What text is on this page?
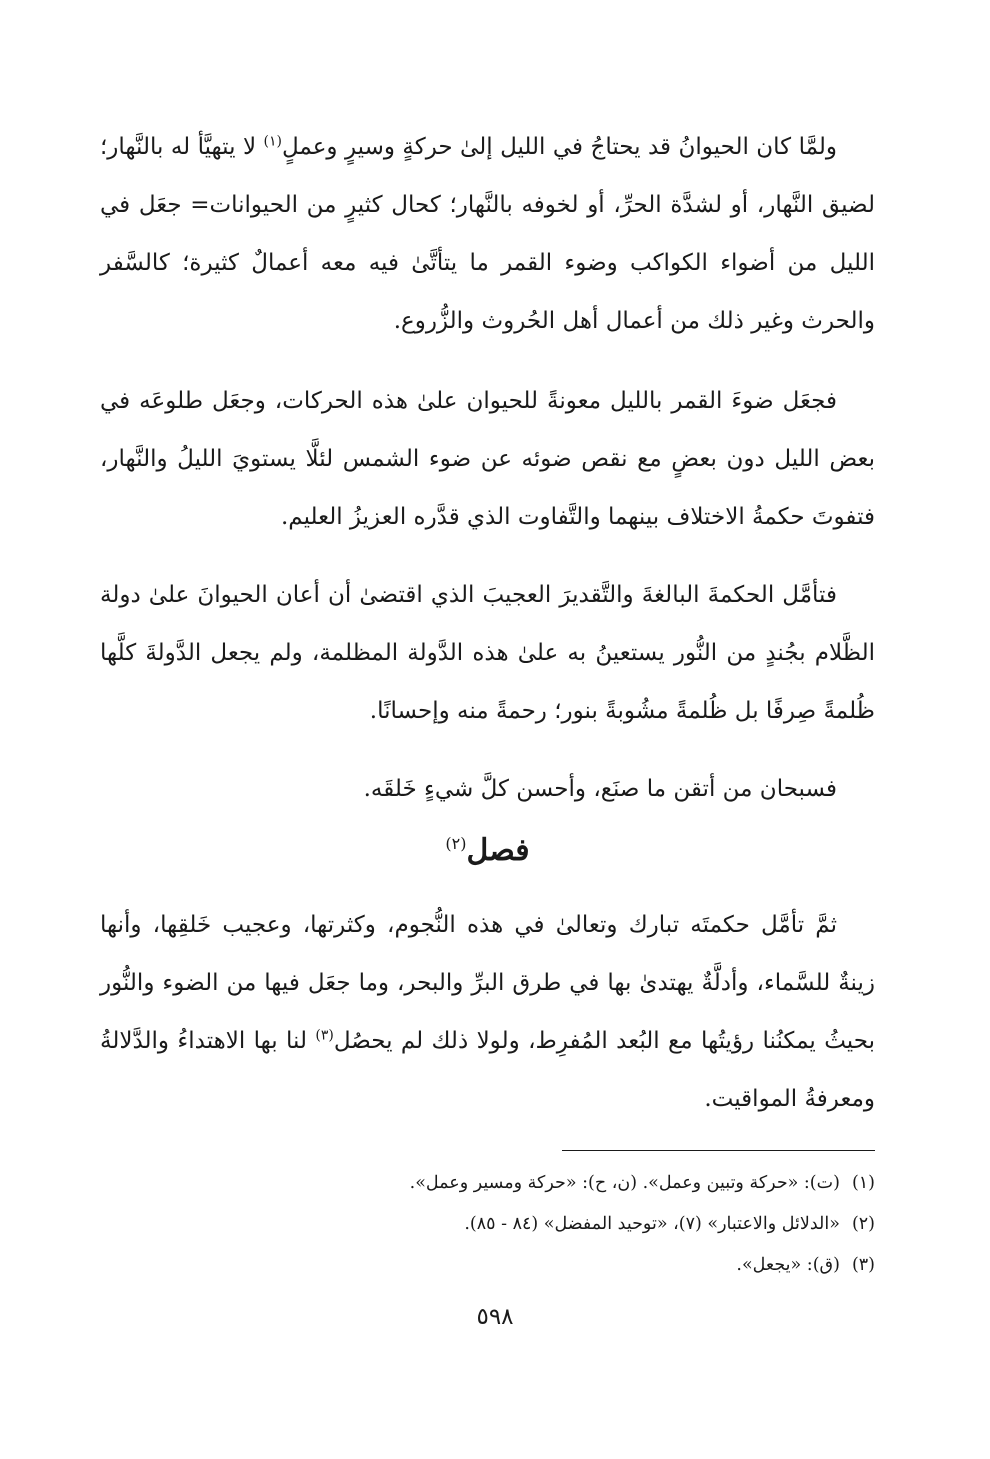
ولمَّا كان الحيوانُ قد يحتاجُ في الليل إلىٰ حركةٍ وسيرٍ وعملٍ$^{(١)}$ لا يتهيَّأ له بالنَّهار؛ لضيق النَّهار، أو لشدَّة الحرِّ، أو لخوفه بالنَّهار؛ كحال كثيرٍ من الحيوانات= جعَل في الليل من أضواء الكواكب وضوء القمر ما يتأتَّىٰ فيه معه أعمالٌ كثيرة؛ كالسَّفر والحرث وغير ذلك من أعمال أهل الحُروث والزُّروع.

فجعَل ضوءَ القمر بالليل معونةً للحيوان علىٰ هذه الحركات، وجعَل طلوعَه في بعض الليل دون بعضٍ مع نقص ضوئه عن ضوء الشمس لئلَّا يستويَ الليلُ والنَّهار، فتفوتَ حكمةُ الاختلاف بينهما والتَّفاوت الذي قدَّره العزيزُ العليم.

فتأمَّل الحكمةَ البالغةَ والتَّقديرَ العجيبَ الذي اقتضىٰ أن أعان الحيوانَ علىٰ دولة الظَّلام بجُندٍ من النُّور يستعينُ به علىٰ هذه الدَّولة المظلمة، ولم يجعل الدَّولةَ كلَّها ظُلمةً صِرفًا بل ظُلمةً مشُوبةً بنور؛ رحمةً منه وإحسانًا.

فسبحان من أتقن ما صنَع، وأحسن كلَّ شيءٍ خَلقَه.

فصل$^{(٢)}$

ثمَّ تأمَّل حكمتَه تبارك وتعالىٰ في هذه النُّجوم، وكثرتها، وعجيب خَلقِها، وأنها زينةٌ للسَّماء، وأدلَّةٌ يهتدىٰ بها في طرق البرِّ والبحر، وما جعَل فيها من الضوء والنُّور بحيثُ يمكنُنا رؤيتُها مع البُعد المُفرِط، ولولا ذلك لم يحصُل$^{(٣)}$ لنا بها الاهتداءُ والدَّلالةُ ومعرفةُ المواقيت.

(١)(ت): «حركة وتبين وعمل». (ن، ح): «حركة ومسير وعمل».
(٢)«الدلائل والاعتبار» (٧)، «توحيد المفضل» (٨٤ - ٨٥).
(٣)(ق): «يجعل».
٥٩٨
